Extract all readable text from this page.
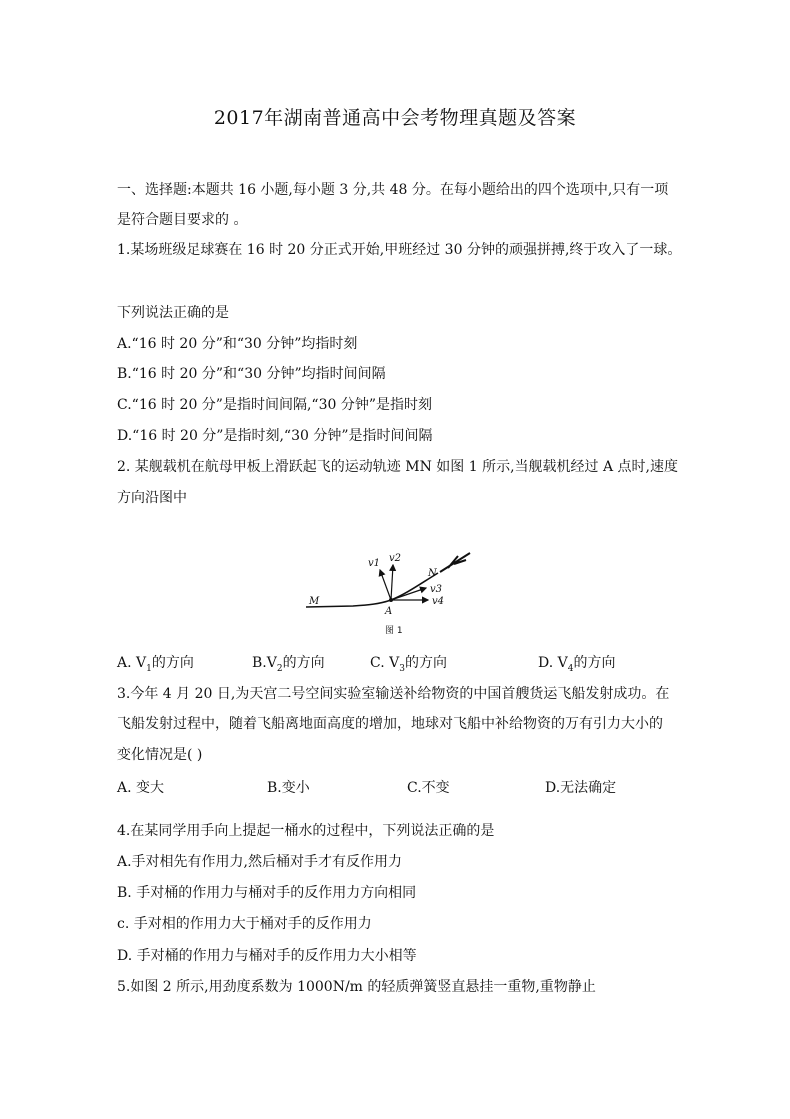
2017年湖南普通高中会考物理真题及答案
一、选择题:本题共 16 小题,每小题 3 分,共 48 分。在每小题给出的四个选项中,只有一项
是符合题目要求的 。
1.某场班级足球赛在 16 时 20 分正式开始,甲班经过 30 分钟的顽强拼搏,终于攻入了一球。
下列说法正确的是
A.“16 时 20 分”和“30 分钟”均指时刻
B.“16 时 20 分”和“30 分钟”均指时间间隔
C.“16 时 20 分”是指时间间隔,“30 分钟”是指时刻
D.“16 时 20 分”是指时刻,“30 分钟”是指时间间隔
2. 某舰载机在航母甲板上滑跃起飞的运动轨迹 MN 如图 1 所示,当舰载机经过 A 点时,速度
方向沿图中
v1 v2
v3
v4
N
M
A
图 1
A. $V_1$的方向	$B.V_2$的方向	C. $V_3$的方向	D. $V_4$的方向
3.今年 4 月 20 日,为天宫二号空间实验室输送补给物资的中国首艘货运飞船发射成功。在
飞船发射过程中，随着飞船离地面高度的增加，地球对飞船中补给物资的万有引力大小的
变化情况是( )
A. 变大	B.变小	C.不变	D.无法确定
4.在某同学用手向上提起一桶水的过程中，下列说法正确的是
A.手对相先有作用力,然后桶对手才有反作用力
B. 手对桶的作用力与桶对手的反作用力方向相同
c. 手对相的作用力大于桶对手的反作用力
D. 手对桶的作用力与桶对手的反作用力大小相等
5.如图 2 所示,用劲度系数为 1000N/m 的轻质弹簧竖直悬挂一重物,重物静止
